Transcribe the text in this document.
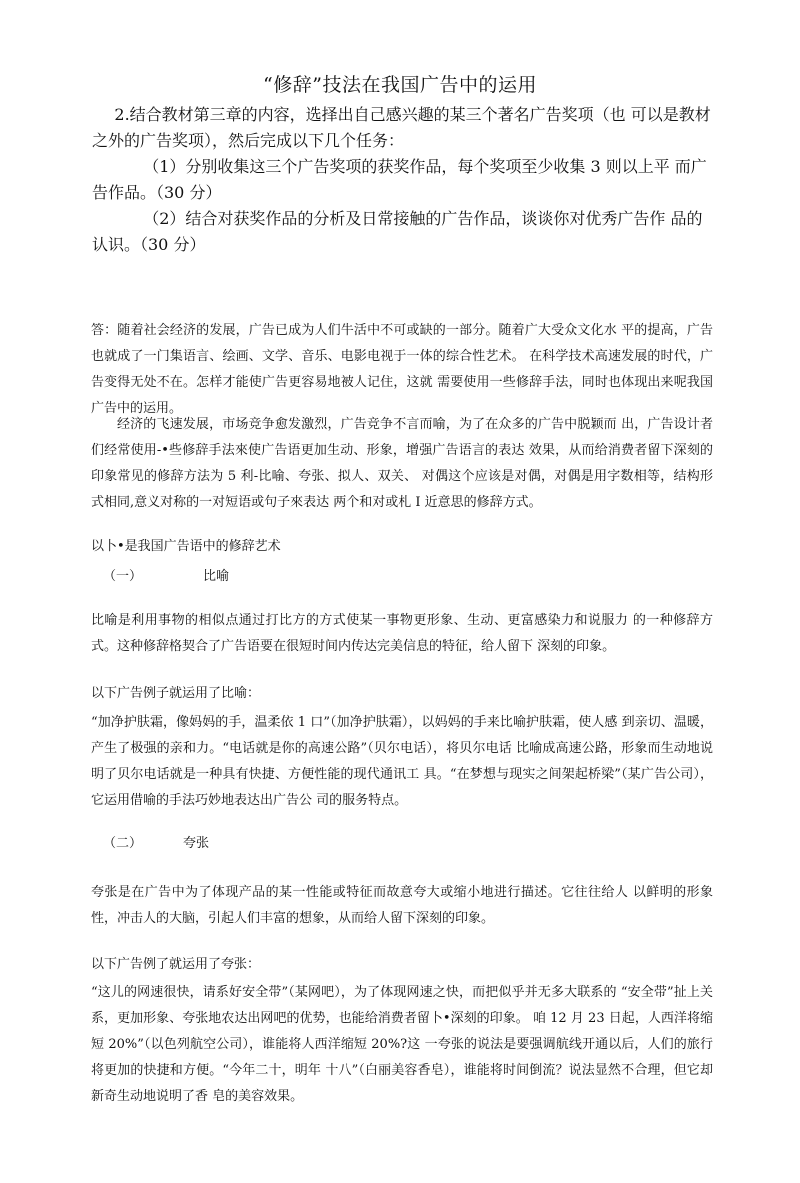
“修辞”技法在我国广告中的运用
2.结合教材第三章的内容，选择出自己感兴趣的某三个著名广告奖项（也 可以是教材之外的广告奖项），然后完成以下几个任务：
（1）分别收集这三个广告奖项的获奖作品，每个奖项至少收集 3 则以上平 而广告作品。（30 分）
（2）结合对获奖作品的分析及日常接触的广告作品，谈谈你对优秀广告作 品的认识。（30 分）
答：随着社会经济的发展，广告已成为人们牛活中不可或缺的一部分。随着广大受众文化水 平的提高，广告也就成了一门集语言、绘画、文学、音乐、电影电视于一体的综合性艺术。 在科学技术高速发展的时代，广告变得无处不在。怎样才能使广告更容易地被人记住，这就 需要使用一些修辞手法，同时也体现出来呢我国广告中的运用。
经济的飞速发展，市场竞争愈发激烈，广告竞争不言而喻，为了在众多的广告中脱颖而 出，广告设计者们经常使用-•些修辞手法來使广告语更加生动、形象，增强广告语言的表达 效果，从而给消费者留下深刻的印象常见的修辞方法为 5 利-比喻、夸张、拟人、双关、 对偶这个应该是对偶，对偶是用字数相等，结构形式相同,意义对称的一对短语或句子來表达 两个和对或札 I 近意思的修辞方式。
以卜•是我国广告语中的修辞艺术
（一）	比喻
比喻是利用事物的相似点通过打比方的方式使某一事物更形象、生动、更富感染力和说服力 的一种修辞方式。这种修辞格契合了广告语要在很短时间内传达完美信息的特征，给人留下 深刻的印象。
以下广告例子就运用了比喻：
“加净护肤霜，像妈妈的手，温柔依 1 口”（加净护肤霜），以妈妈的手来比喻护肤霜，使人感 到亲切、温暖，产生了极强的亲和力。“电话就是你的高速公路”（贝尔电话），将贝尔电话 比喻成高速公路，形象而生动地说明了贝尔电话就是一种具有快捷、方便性能的现代通讯工 具。“在梦想与现实之间架起桥梁”（某广告公司），它运用借喻的手法巧妙地表达出广告公 司的服务特点。
（二）	夸张
夸张是在广告中为了体现产品的某一性能或特征而故意夸大或缩小地进行描述。它往往给人 以鲜明的形象性，冲击人的大脑，引起人们丰富的想象，从而给人留下深刻的印象。
以下广告例了就运用了夸张：
“这儿的网速很快，请系好安全带”（某网吧），为了体现网速之快，而把似乎并无多大联系的 “安全带”扯上关系，更加形象、夸张地农达出网吧的优势，也能给消费者留卜•深刻的印象。 咱 12 月 23 日起，人西洋将缩短 20%”（以色列航空公司），谁能将人西洋缩短 20%?这 一夸张的说法是要强调航线开通以后，人们的旅行将更加的快捷和方便。“今年二十，明年 十八”（白丽美容香皂），谁能将时间倒流？说法显然不合理，但它却新奇生动地说明了香 皂的美容效果。
